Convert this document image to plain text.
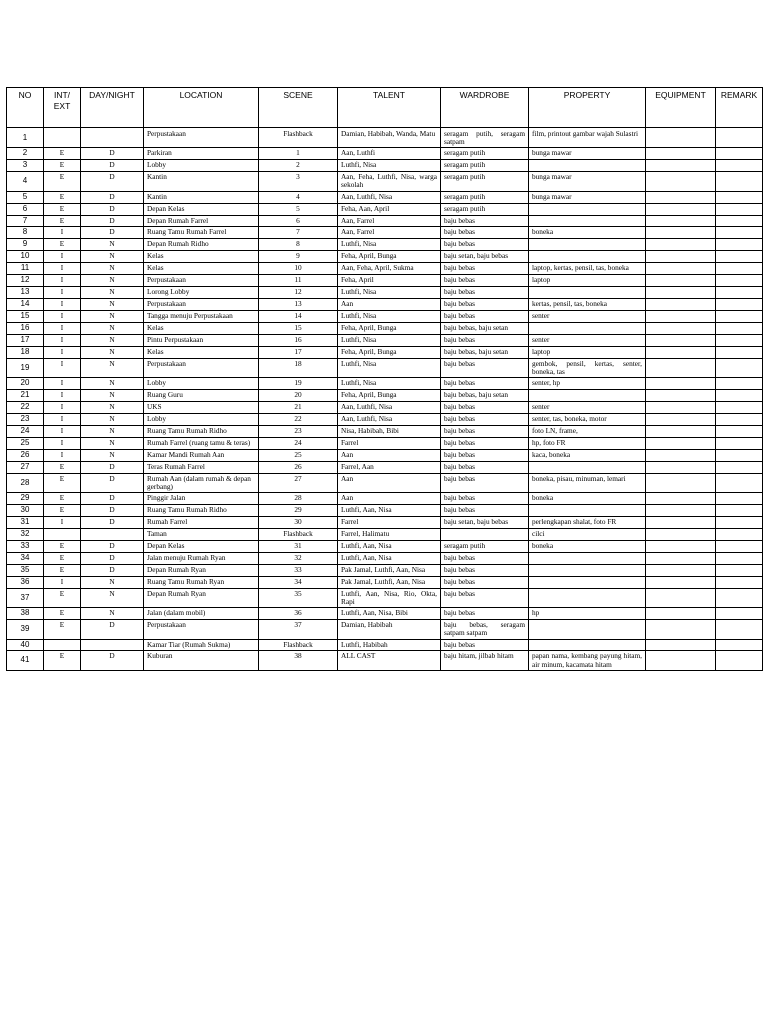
NO	INT/ EXT	DAY/NIGHT	LOCATION	SCENE	TALENT	WARDROBE	PROPERTY	EQUIPMENT	REMARK
1			Perpustakaan	Flashback	Damian, Habibah, Wanda, Matu	seragam putih, seragam satpam	film, printout gambar wajah Sulastri		
2	E	D	Parkiran	1	Aan, Luthfi	seragam putih	bunga mawar		
3	E	D	Lobby	2	Luthfi, Nisa	seragam putih			
4	E	D	Kantin	3	Aan, Feha, Luthfi, Nisa, warga sekolah	seragam putih	bunga mawar		
5	E	D	Kantin	4	Aan, Luthfi, Nisa	seragam putih	bunga mawar		
6	E	D	Depan Kelas	5	Feha, Aan, April	seragam putih			
7	E	D	Depan Rumah Farrel	6	Aan, Farrel	baju bebas			
8	I	D	Ruang Tamu Rumah Farrel	7	Aan, Farrel	baju bebas	boneka		
9	E	N	Depan Rumah Ridho	8	Luthfi, Nisa	baju bebas			
10	I	N	Kelas	9	Feha, April, Bunga	baju setan, baju bebas			
11	I	N	Kelas	10	Aan, Feha, April, Sukma	baju bebas	laptop, kertas, pensil, tas, boneka		
12	I	N	Perpustakaan	11	Feha, April	baju bebas	laptop		
13	I	N	Lorong Lobby	12	Luthfi, Nisa	baju bebas			
14	I	N	Perpustakaan	13	Aan	baju bebas	kertas, pensil, tas, boneka		
15	I	N	Tangga menuju Perpustakaan	14	Luthfi, Nisa	baju bebas	senter		
16	I	N	Kelas	15	Feha, April, Bunga	baju bebas, baju setan			
17	I	N	Pintu Perpustakaan	16	Luthfi, Nisa	baju bebas	senter		
18	I	N	Kelas	17	Feha, April, Bunga	baju bebas, baju setan	laptop		
19	I	N	Perpustakaan	18	Luthfi, Nisa	baju bebas	gembok, pensil, kertas, senter, boneka, tas		
20	I	N	Lobby	19	Luthfi, Nisa	baju bebas	senter, hp		
21	I	N	Ruang Guru	20	Feha, April, Bunga	baju bebas, baju setan			
22	I	N	UKS	21	Aan, Luthfi, Nisa	baju bebas	senter		
23	I	N	Lobby	22	Aan, Luthfi, Nisa	baju bebas	senter, tas, boneka, motor		
24	I	N	Ruang Tamu Rumah Ridho	23	Nisa, Habibah, Bibi	baju bebas	foto LN, frame,		
25	I	N	Rumah Farrel (ruang tamu & teras)	24	Farrel	baju bebas	hp, foto FR		
26	I	N	Kamar Mandi Rumah Aan	25	Aan	baju bebas	kaca, boneka		
27	E	D	Teras Rumah Farrel	26	Farrel, Aan	baju bebas			
28	E	D	Rumah Aan (dalam rumah & depan gerbang)	27	Aan	baju bebas	boneka, pisau, minuman, lemari		
29	E	D	Pinggir Jalan	28	Aan	baju bebas	boneka		
30	E	D	Ruang Tamu Rumah Ridho	29	Luthfi, Aan, Nisa	baju bebas			
31	I	D	Rumah Farrel	30	Farrel	baju setan, baju bebas	perlengkapan shalat, foto FR		
32			Taman	Flashback	Farrel, Halimatu		cilci		
33	E	D	Depan Kelas	31	Luthfi, Aan, Nisa	seragam putih	boneka		
34	E	D	Jalan menuju Rumah Ryan	32	Luthfi, Aan, Nisa	baju bebas			
35	E	D	Depan Rumah Ryan	33	Pak Jamal, Luthfi, Aan, Nisa	baju bebas			
36	I	N	Ruang Tamu Rumah Ryan	34	Pak Jamal, Luthfi, Aan, Nisa	baju bebas			
37	E	N	Depan Rumah Ryan	35	Luthfi, Aan, Nisa, Rio, Okta, Rapi	baju bebas			
38	E	N	Jalan (dalam mobil)	36	Luthfi, Aan, Nisa, Bibi	baju bebas	hp		
39	E	D	Perpustakaan	37	Damian, Habibah	baju bebas, seragam satpam satpam			
40			Kamar Tiar (Rumah Sukma)	Flashback	Luthfi, Habibah	baju bebas			
41	E	D	Kuburan	38	ALL CAST	baju hitam, jilbab hitam	papan nama, kembang payung hitam, air minum, kacamata hitam		
